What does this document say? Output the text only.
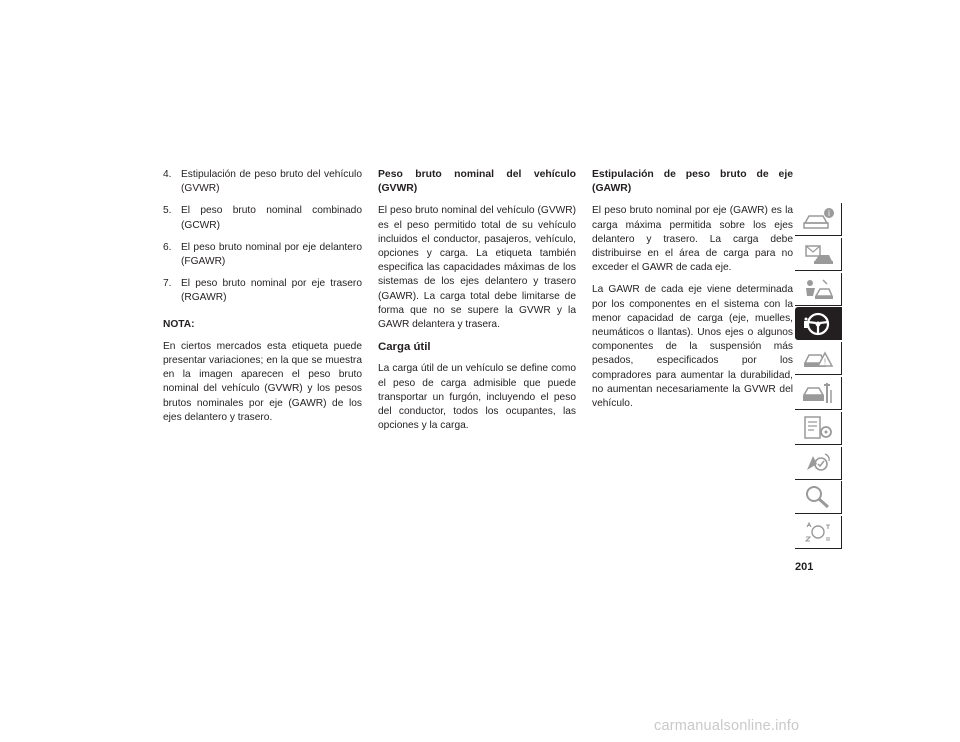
4. Estipulación de peso bruto del vehículo (GVWR)
5. El peso bruto nominal combinado (GCWR)
6. El peso bruto nominal por eje delantero (FGAWR)
7. El peso bruto nominal por eje trasero (RGAWR)

NOTA:

En ciertos mercados esta etiqueta puede presentar variaciones; en la que se muestra en la imagen aparecen el peso bruto nominal del vehículo (GVWR) y los pesos brutos nominales por eje (GAWR) de los ejes delantero y trasero.

Peso bruto nominal del vehículo (GVWR)

El peso bruto nominal del vehículo (GVWR) es el peso permitido total de su vehículo incluidos el conductor, pasajeros, vehículo, opciones y carga. La etiqueta también especifica las capacidades máximas de los sistemas de los ejes delantero y trasero (GAWR). La carga total debe limitarse de forma que no se supere la GVWR y la GAWR delantera y trasera.

Carga útil

La carga útil de un vehículo se define como el peso de carga admisible que puede transportar un furgón, incluyendo el peso del conductor, todos los ocupantes, las opciones y la carga.

Estipulación de peso bruto de eje (GAWR)

El peso bruto nominal por eje (GAWR) es la carga máxima permitida sobre los ejes delantero y trasero. La carga debe distribuirse en el área de carga para no exceder el GAWR de cada eje.

La GAWR de cada eje viene determinada por los componentes en el sistema con la menor capacidad de carga (eje, muelles, neumáticos o llantas). Unos ejes o algunos componentes de la suspensión más pesados, especificados por los compradores para aumentar la durabilidad, no aumentan necesariamente la GVWR del vehículo.

i
!
201
carmanualsonline.info
